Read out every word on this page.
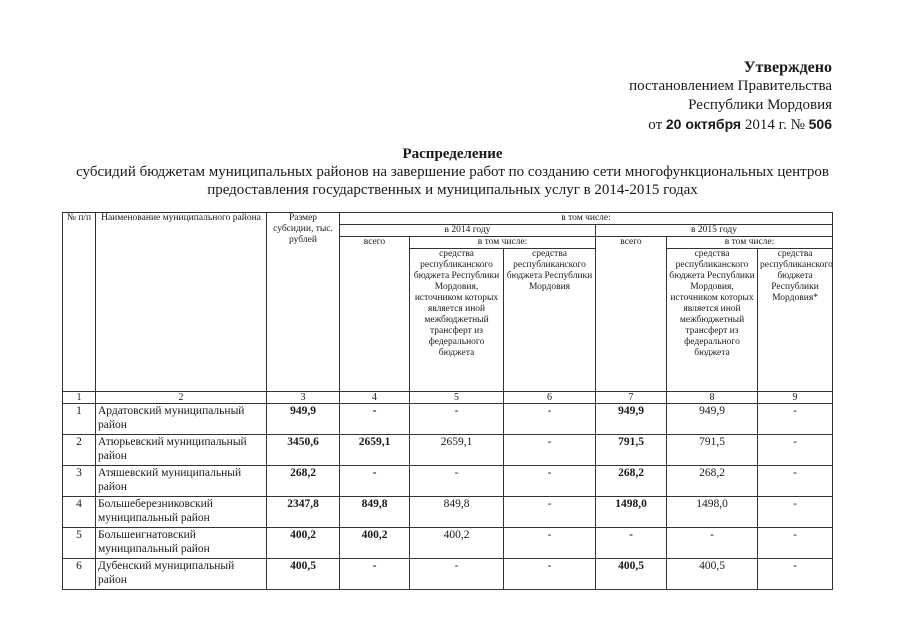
Утверждено
постановлением Правительства
Республики Мордовия
от 20 октября 2014 г. № 506
Распределение
субсидий бюджетам муниципальных районов на завершение работ по созданию сети многофункциональных центров
предоставления государственных и муниципальных услуг в 2014-2015 годах
№ п/п	Наименование муниципального района	Размер субсидии, тыс. рублей	в том числе:					
			в 2014 году			в 2015 году		
			всего	в том числе:		всего	в том числе:	
				средства республиканского бюджета Республики Мордовия, источником которых является иной межбюджетный трансферт из федерального бюджета	средства республиканского бюджета Республики Мордовия		средства республиканского бюджета Республики Мордовия, источником которых является иной межбюджетный трансферт из федерального бюджета	средства республиканского бюджета Республики Мордовия*
1	2	3	4	5	6	7	8	9
1	Ардатовский муниципальный район	949,9	-	-	-	949,9	949,9	-
2	Атюрьевский муниципальный район	3450,6	2659,1	2659,1	-	791,5	791,5	-
3	Атяшевский муниципальный район	268,2	-	-	-	268,2	268,2	-
4	Большеберезниковский муниципальный район	2347,8	849,8	849,8	-	1498,0	1498,0	-
5	Большеигнатовский муниципальный район	400,2	400,2	400,2	-	-	-	-
6	Дубенский муниципальный район	400,5	-	-	-	400,5	400,5	-
